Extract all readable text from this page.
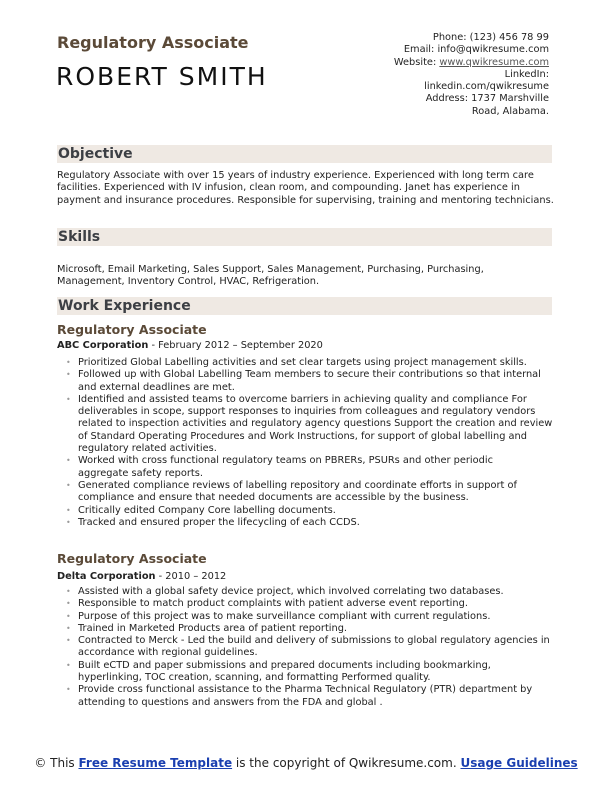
Regulatory Associate
ROBERT SMITH
Phone: (123) 456 78 99
Email: info@qwikresume.com
Website: www.qwikresume.com
LinkedIn:
linkedin.com/qwikresume
Address: 1737 Marshville Road, Alabama.
Objective
Regulatory Associate with over 15 years of industry experience. Experienced with long term care facilities. Experienced with IV infusion, clean room, and compounding. Janet has experience in payment and insurance procedures. Responsible for supervising, training and mentoring technicians.
Skills
Microsoft, Email Marketing, Sales Support, Sales Management, Purchasing, Purchasing, Management, Inventory Control, HVAC, Refrigeration.
Work Experience
Regulatory Associate
ABC Corporation - February 2012 – September 2020
• Prioritized Global Labelling activities and set clear targets using project management skills.
• Followed up with Global Labelling Team members to secure their contributions so that internal and external deadlines are met.
• Identified and assisted teams to overcome barriers in achieving quality and compliance For deliverables in scope, support responses to inquiries from colleagues and regulatory vendors related to inspection activities and regulatory agency questions Support the creation and review of Standard Operating Procedures and Work Instructions, for support of global labelling and regulatory related activities.
• Worked with cross functional regulatory teams on PBRERs, PSURs and other periodic aggregate safety reports.
• Generated compliance reviews of labelling repository and coordinate efforts in support of compliance and ensure that needed documents are accessible by the business.
• Critically edited Company Core labelling documents.
• Tracked and ensured proper the lifecycling of each CCDS.
Regulatory Associate
Delta Corporation - 2010 – 2012
• Assisted with a global safety device project, which involved correlating two databases.
• Responsible to match product complaints with patient adverse event reporting.
• Purpose of this project was to make surveillance compliant with current regulations.
• Trained in Marketed Products area of patient reporting.
• Contracted to Merck - Led the build and delivery of submissions to global regulatory agencies in accordance with regional guidelines.
• Built eCTD and paper submissions and prepared documents including bookmarking, hyperlinking, TOC creation, scanning, and formatting Performed quality.
• Provide cross functional assistance to the Pharma Technical Regulatory (PTR) department by attending to questions and answers from the FDA and global .
© This Free Resume Template is the copyright of Qwikresume.com. Usage Guidelines
